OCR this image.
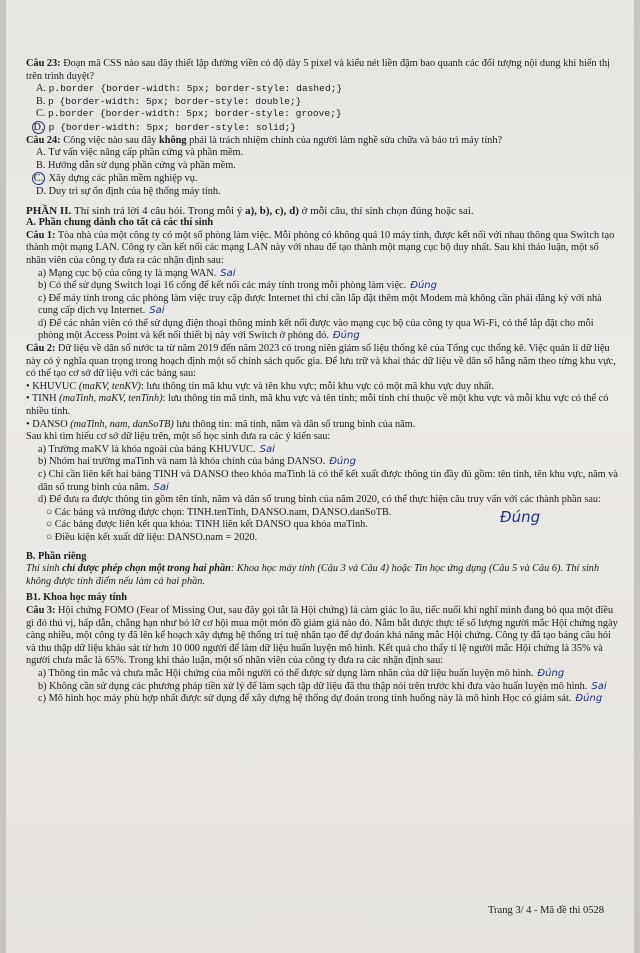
Câu 23: Đoạn mã CSS nào sau đây thiết lập đường viền có độ dày 5 pixel và kiểu nét liền đậm bao quanh các đối tượng nội dung khi hiển thị trên trình duyệt?

A. p.border {border-width: 5px; border-style: dashed;}

B. p {border-width: 5px; border-style: double;}

C. p.border {border-width: 5px; border-style: groove;}

D. p {border-width: 5px; border-style: solid;}

Câu 24: Công việc nào sau đây không phải là trách nhiệm chính của người làm nghề sửa chữa và bảo trì máy tính?

A. Tư vấn việc nâng cấp phần cứng và phần mềm.

B. Hướng dẫn sử dụng phần cứng và phần mềm.

C. Xây dựng các phần mềm nghiệp vụ.

D. Duy trì sự ổn định của hệ thống máy tính.

PHẦN II. Thí sinh trả lời 4 câu hỏi. Trong mỗi ý a), b), c), d) ở mỗi câu, thí sinh chọn đúng hoặc sai.

A. Phần chung dành cho tất cả các thí sinh

Câu 1: Tòa nhà của một công ty có một số phòng làm việc. Mỗi phòng có không quá 10 máy tính, được kết nối với nhau thông qua Switch tạo thành một mạng LAN. Công ty cần kết nối các mạng LAN này với nhau để tạo thành một mạng cục bộ duy nhất. Sau khi thảo luận, một số nhân viên của công ty đưa ra các nhận định sau:

a) Mạng cục bộ của công ty là mạng WAN. Sai

b) Có thể sử dụng Switch loại 16 cổng để kết nối các máy tính trong mỗi phòng làm việc. Đúng

c) Để máy tính trong các phòng làm việc truy cập được Internet thì chỉ cần lắp đặt thêm một Modem mà không cần phải đăng ký với nhà cung cấp dịch vụ Internet. Sai

d) Để các nhân viên có thể sử dụng điện thoại thông minh kết nối được vào mạng cục bộ của công ty qua Wi-Fi, có thể lắp đặt cho mỗi phòng một Access Point và kết nối thiết bị này với Switch ở phòng đó. Đúng

Câu 2: Dữ liệu về dân số nước ta từ năm 2019 đến năm 2023 có trong niên giám số liệu thống kê của Tổng cục thống kê. Việc quản lí dữ liệu này có ý nghĩa quan trọng trong hoạch định một số chính sách quốc gia. Để lưu trữ và khai thác dữ liệu về dân số hằng năm theo từng khu vực, có thể tạo cơ sở dữ liệu với các bảng sau:

• KHUVUC (maKV, tenKV): lưu thông tin mã khu vực và tên khu vực; mỗi khu vực có một mã khu vực duy nhất.

• TINH (maTinh, maKV, tenTinh): lưu thông tin mã tỉnh, mã khu vực và tên tỉnh; mỗi tỉnh chỉ thuộc về một khu vực và mỗi khu vực có thể có nhiều tỉnh.

• DANSO (maTinh, nam, danSoTB) lưu thông tin: mã tỉnh, năm và dân số trung bình của năm.

Sau khi tìm hiểu cơ sở dữ liệu trên, một số học sinh đưa ra các ý kiến sau:

a) Trường maKV là khóa ngoài của bảng KHUVUC. Sai

b) Nhóm hai trường maTinh và nam là khóa chính của bảng DANSO. Đúng

c) Chỉ cần liên kết hai bảng TINH và DANSO theo khóa maTinh là có thể kết xuất được thông tin đầy đủ gồm: tên tỉnh, tên khu vực, năm và dân số trung bình của năm. Sai

d) Để đưa ra được thông tin gồm tên tỉnh, năm và dân số trung bình của năm 2020, có thể thực hiện câu truy vấn với các thành phần sau:

○ Các bảng và trường được chọn: TINH.tenTinh, DANSO.nam, DANSO.danSoTB.

○ Các bảng được liên kết qua khóa: TINH liên kết DANSO qua khóa maTinh.

○ Điều kiện kết xuất dữ liệu: DANSO.nam = 2020.

Đúng

B. Phần riêng

Thí sinh chỉ được phép chọn một trong hai phần: Khoa học máy tính (Câu 3 và Câu 4) hoặc Tin học ứng dụng (Câu 5 và Câu 6). Thí sinh không được tính điểm nếu làm cả hai phần.

B1. Khoa học máy tính

Câu 3: Hội chứng FOMO (Fear of Missing Out, sau đây gọi tắt là Hội chứng) là cảm giác lo âu, tiếc nuối khi nghĩ mình đang bỏ qua một điều gì đó thú vị, hấp dẫn, chẳng hạn như bỏ lỡ cơ hội mua một món đồ giảm giá nào đó. Nắm bắt được thực tế số lượng người mắc Hội chứng ngày càng nhiều, một công ty đã lên kế hoạch xây dựng hệ thống trí tuệ nhân tạo để dự đoán khả năng mắc Hội chứng. Công ty đã tạo bảng câu hỏi và thu thập dữ liệu khảo sát từ hơn 10 000 người để làm dữ liệu huấn luyện mô hình. Kết quả cho thấy tỉ lệ người mắc Hội chứng là 35% và người chưa mắc là 65%. Trong khi thảo luận, một số nhân viên của công ty đưa ra các nhận định sau:

a) Thông tin mắc và chưa mắc Hội chứng của mỗi người có thể được sử dụng làm nhãn của dữ liệu huấn luyện mô hình. Đúng

b) Không cần sử dụng các phương pháp tiền xử lý để làm sạch tập dữ liệu đã thu thập nói trên trước khi đưa vào huấn luyện mô hình. Sai

c) Mô hình học máy phù hợp nhất được sử dụng để xây dựng hệ thống dự đoán trong tình huống này là mô hình Học có giám sát. Đúng

Trang 3/ 4 - Mã đề thi 0528
